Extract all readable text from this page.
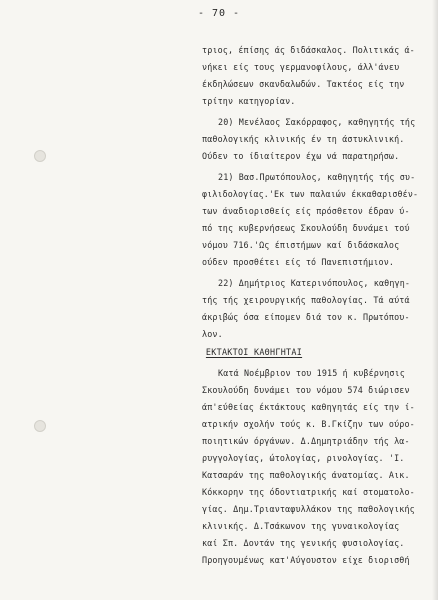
- 70 -
τριος, έπίσης άς διδάσκαλος. Πολιτικάς ά-
νήκει είς τους γερμανοφίλους, άλλ'άνευ
έκδηλώσεων σκανδαλωδών. Τακτέος είς την
τρίτην κατηγορίαν.
20) Μενέλαος Σακόρραφος, καθηγητής τής
παθολογικής κλινικής έν τη άστυκλινική.
Ούδεν το ίδιαίτερον έχω νά παρατηρήσω.
21) Βασ.Πρωτόπουλος, καθηγητής τής συ-
φιλιδολογίας.'Εκ των παλαιών έκκαθαρισθέν-
των άναδιορισθείς είς πρόσθετον έδραν ύ-
πό της κυβερνήσεως Σκουλούδη δυνάμει τού
νόμου 716.'Ως έπιστήμων καί διδάσκαλος
ούδεν προσθέτει είς τό Πανεπιστήμιον.
22) Δημήτριος Κατερινόπουλος, καθηγη-
τής τής χειρουργικής παθολογίας. Τά αύτά
άκριβώς όσα είπομεν διά τον κ. Πρωτόπου-
λον.
ΕΚΤΑΚΤΟΙ ΚΑΘΗΓΗΤΑΙ
Κατά Νοέμβριον του 1915 ή κυβέρνησις
Σκουλούδη δυνάμει του νόμου 574 διώρισεν
άπ'εύθείας έκτάκτους καθηγητάς είς την ί-
ατρικήν σχολήν τούς κ. Β.Γκίζην των ούρο-
ποιητικών όργάνων. Δ.Δημητριάδην τής λα-
ρυγγολογίας, ώτολογίας, ρινολογίας. 'Ι.
Κατσαράν της παθολογικής άνατομίας. Αικ.
Κόκκορην της όδοντιατρικής καί στοματολο-
γίας. Δημ.Τριανταφυλλάκον της παθολογικής
κλινικής. Δ.Τσάκωνον της γυναικολογίας
καί Σπ. Δοντάν της γενικής φυσιολογίας.
Προηγουμένως κατ'Αύγουστον είχε διορισθή
